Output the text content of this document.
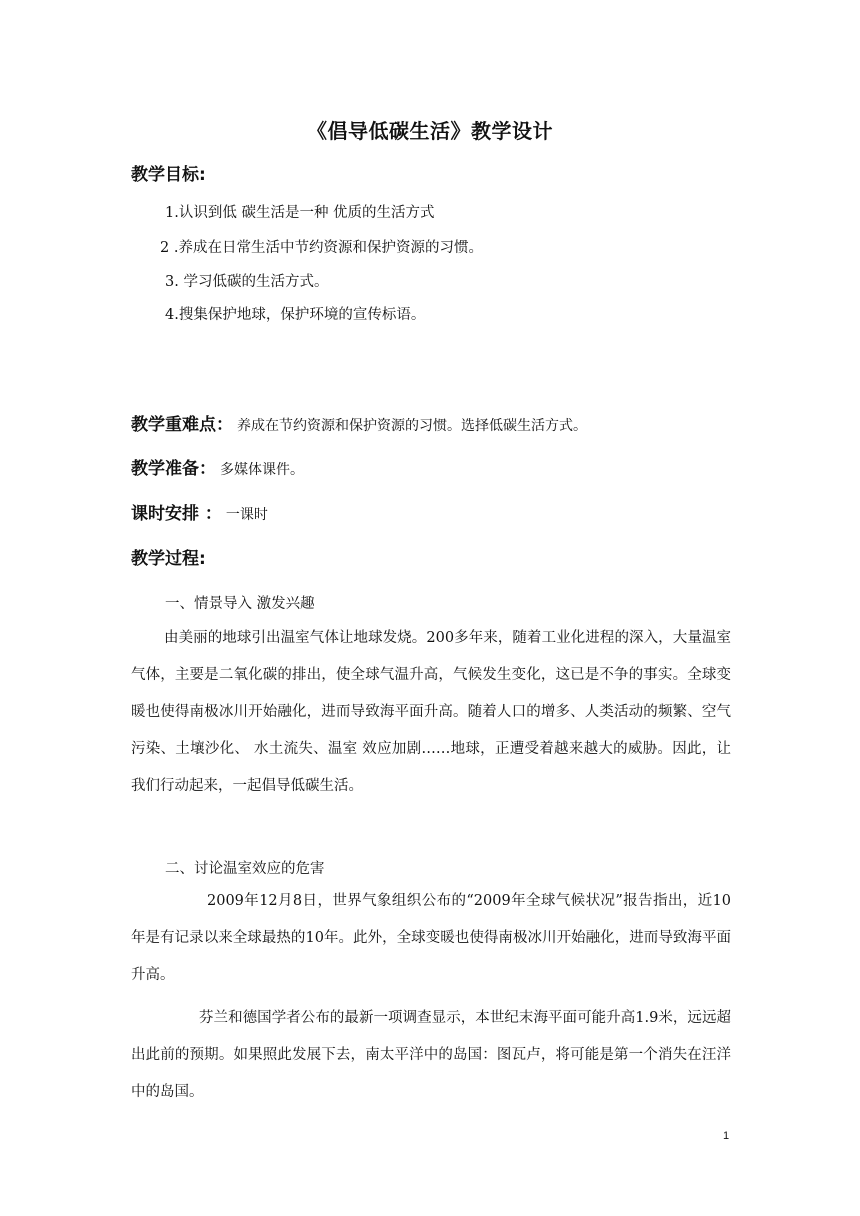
《倡导低碳生活》教学设计
教学目标:
1.认识到低 碳生活是一种 优质的生活方式
2 .养成在日常生活中节约资源和保护资源的习惯。
3. 学习低碳的生活方式。
4.搜集保护地球，保护环境的宣传标语。
教学重难点： 养成在节约资源和保护资源的习惯。选择低碳生活方式。
教学准备： 多媒体课件。
课时安排 ： 一课时
教学过程:
一、情景导入 激发兴趣
由美丽的地球引出温室气体让地球发烧。200多年来，随着工业化进程的深入，大量温室气体，主要是二氧化碳的排出，使全球气温升高，气候发生变化，这已是不争的事实。全球变暖也使得南极冰川开始融化，进而导致海平面升高。随着人口的增多、人类活动的频繁、空气污染、土壤沙化、 水土流失、温室 效应加剧……地球，正遭受着越来越大的威胁。因此，让我们行动起来，一起倡导低碳生活。
二、讨论温室效应的危害
2009年12月8日，世界气象组织公布的“2009年全球气候状况”报告指出，近10年是有记录以来全球最热的10年。此外，全球变暖也使得南极冰川开始融化，进而导致海平面升高。
芬兰和德国学者公布的最新一项调查显示，本世纪末海平面可能升高1.9米，远远超出此前的预期。如果照此发展下去，南太平洋中的岛国：图瓦卢，将可能是第一个消失在汪洋中的岛国。
1
